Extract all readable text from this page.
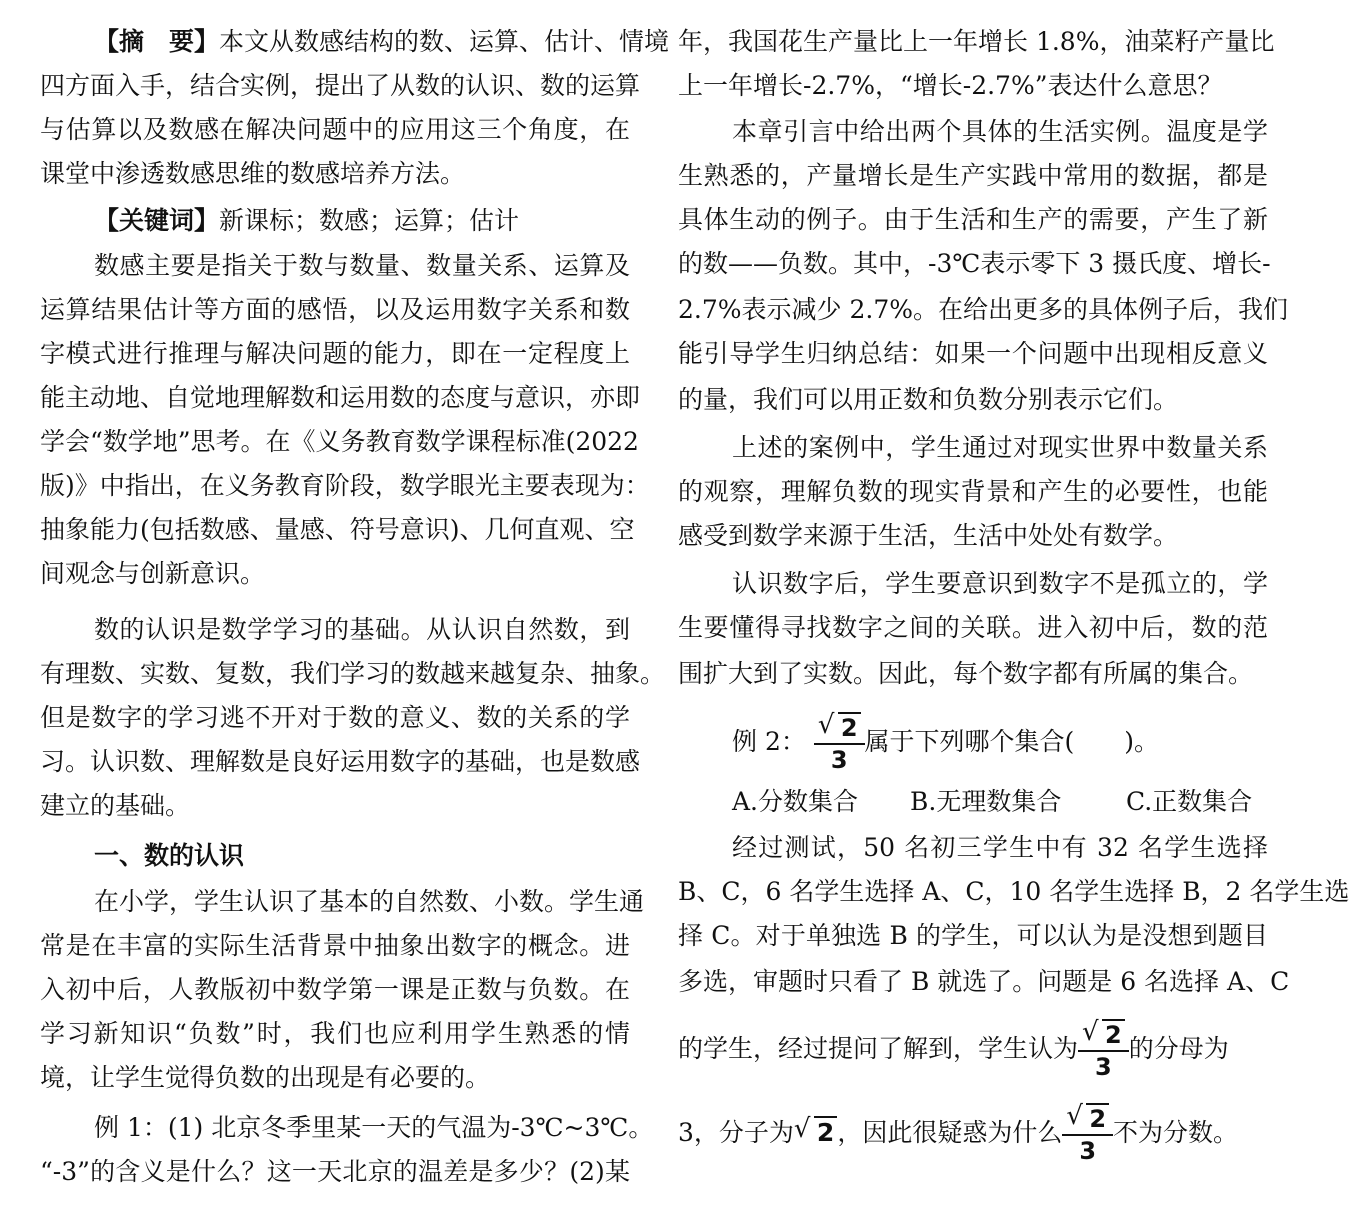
【摘　要】本文从数感结构的数、运算、估计、情境
四方面入手，结合实例，提出了从数的认识、数的运算
与估算以及数感在解决问题中的应用这三个角度，在
课堂中渗透数感思维的数感培养方法。
【关键词】新课标；数感；运算；估计
数感主要是指关于数与数量、数量关系、运算及
运算结果估计等方面的感悟，以及运用数字关系和数
字模式进行推理与解决问题的能力，即在一定程度上
能主动地、自觉地理解数和运用数的态度与意识，亦即
学会“数学地”思考。在《义务教育数学课程标准(2022
版)》中指出，在义务教育阶段，数学眼光主要表现为：
抽象能力(包括数感、量感、符号意识)、几何直观、空
间观念与创新意识。
数的认识是数学学习的基础。从认识自然数，到
有理数、实数、复数，我们学习的数越来越复杂、抽象。
但是数字的学习逃不开对于数的意义、数的关系的学
习。认识数、理解数是良好运用数字的基础，也是数感
建立的基础。
一、数的认识
在小学，学生认识了基本的自然数、小数。学生通
常是在丰富的实际生活背景中抽象出数字的概念。进
入初中后，人教版初中数学第一课是正数与负数。在
学习新知识“负数”时，我们也应利用学生熟悉的情
境，让学生觉得负数的出现是有必要的。
例 1：(1) 北京冬季里某一天的气温为-3℃~3℃。
“-3”的含义是什么？这一天北京的温差是多少？(2)某
年，我国花生产量比上一年增长 1.8%，油菜籽产量比
上一年增长-2.7%，“增长-2.7%”表达什么意思？
本章引言中给出两个具体的生活实例。温度是学
生熟悉的，产量增长是生产实践中常用的数据，都是
具体生动的例子。由于生活和生产的需要，产生了新
的数——负数。其中，-3℃表示零下 3 摄氏度、增长-
2.7%表示减少 2.7%。在给出更多的具体例子后，我们
能引导学生归纳总结：如果一个问题中出现相反意义
的量，我们可以用正数和负数分别表示它们。
上述的案例中，学生通过对现实世界中数量关系
的观察，理解负数的现实背景和产生的必要性，也能
感受到数学来源于生活，生活中处处有数学。
认识数字后，学生要意识到数字不是孤立的，学
生要懂得寻找数字之间的关联。进入初中后，数的范
围扩大到了实数。因此，每个数字都有所属的集合。
例 2： $\frac{√ 2}{3}$ 属于下列哪个集合(　　)。
A.分数集合 B.无理数集合	C.正数集合
经过测试，50 名初三学生中有 32 名学生选择
B、C，6 名学生选择 A、C，10 名学生选择 B，2 名学生选
择 C。对于单独选 B 的学生，可以认为是没想到题目
多选，审题时只看了 B 就选了。问题是 6 名选择 A、C
的学生，经过提问了解到，学生认为 $\frac{√ 2}{3}$ 的分母为
3，分子为 √ 2 ，因此很疑惑为什么 $\frac{√ 2}{3}$ 不为分数。
